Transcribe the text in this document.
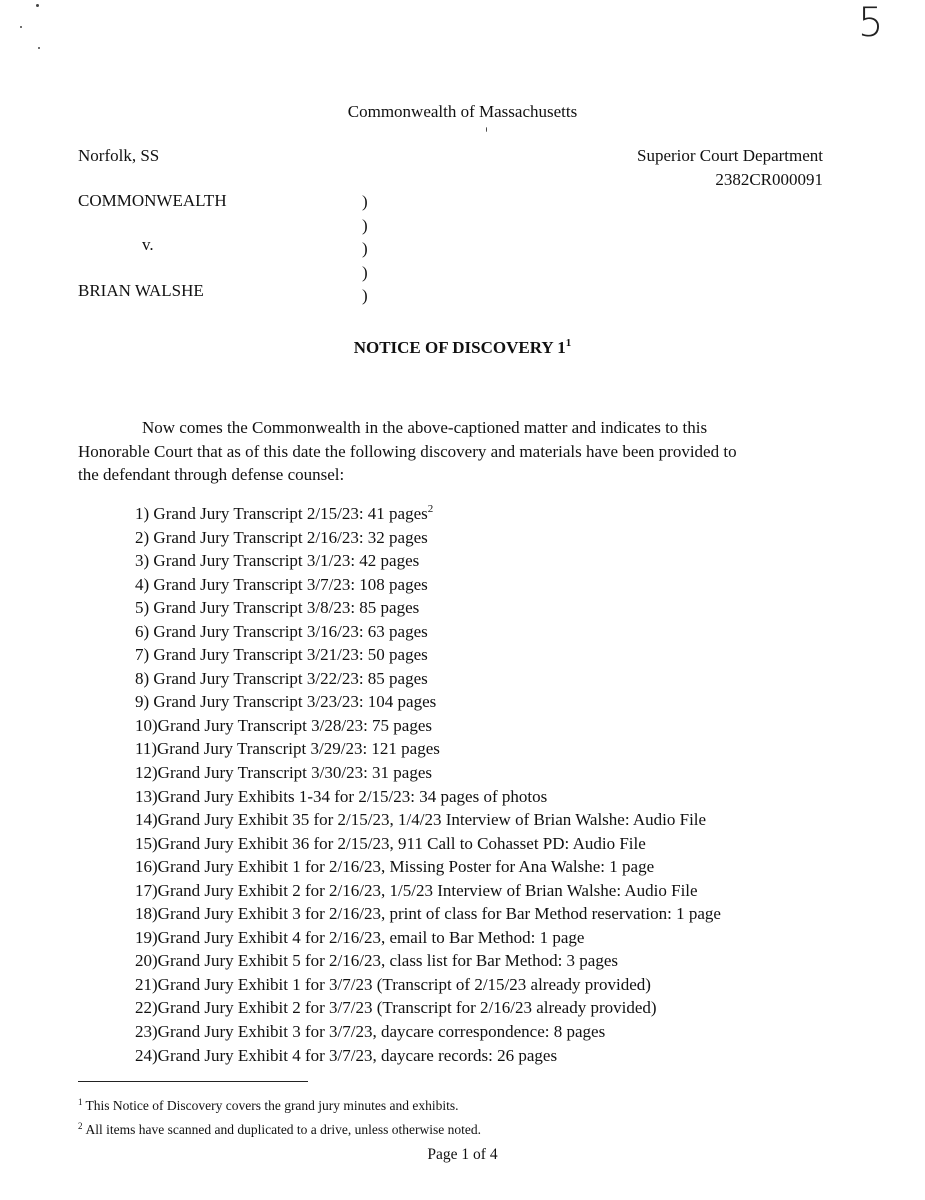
5
Commonwealth of Massachusetts
Norfolk, SS	Superior Court Department
2382CR000091
COMMONWEALTH
v.
BRIAN WALSHE
)
)
)
)
)
NOTICE OF DISCOVERY $1^1$
Now comes the Commonwealth in the above-captioned matter and indicates to this
Honorable Court that as of this date the following discovery and materials have been provided to
the defendant through defense counsel:
1) Grand Jury Transcript 2/15/23: 41 pages$^2$
2) Grand Jury Transcript 2/16/23: 32 pages
3) Grand Jury Transcript 3/1/23: 42 pages
4) Grand Jury Transcript 3/7/23: 108 pages
5) Grand Jury Transcript 3/8/23: 85 pages
6) Grand Jury Transcript 3/16/23: 63 pages
7) Grand Jury Transcript 3/21/23: 50 pages
8) Grand Jury Transcript 3/22/23: 85 pages
9) Grand Jury Transcript 3/23/23: 104 pages
10)Grand Jury Transcript 3/28/23: 75 pages
11)Grand Jury Transcript 3/29/23: 121 pages
12)Grand Jury Transcript 3/30/23: 31 pages
13)Grand Jury Exhibits 1-34 for 2/15/23: 34 pages of photos
14)Grand Jury Exhibit 35 for 2/15/23, 1/4/23 Interview of Brian Walshe: Audio File
15)Grand Jury Exhibit 36 for 2/15/23, 911 Call to Cohasset PD: Audio File
16)Grand Jury Exhibit 1 for 2/16/23, Missing Poster for Ana Walshe: 1 page
17)Grand Jury Exhibit 2 for 2/16/23, 1/5/23 Interview of Brian Walshe: Audio File
18)Grand Jury Exhibit 3 for 2/16/23, print of class for Bar Method reservation: 1 page
19)Grand Jury Exhibit 4 for 2/16/23, email to Bar Method: 1 page
20)Grand Jury Exhibit 5 for 2/16/23, class list for Bar Method: 3 pages
21)Grand Jury Exhibit 1 for 3/7/23 (Transcript of 2/15/23 already provided)
22)Grand Jury Exhibit 2 for 3/7/23 (Transcript for 2/16/23 already provided)
23)Grand Jury Exhibit 3 for 3/7/23, daycare correspondence: 8 pages
24)Grand Jury Exhibit 4 for 3/7/23, daycare records: 26 pages
$^1$ This Notice of Discovery covers the grand jury minutes and exhibits.
$^2$ All items have scanned and duplicated to a drive, unless otherwise noted.
Page 1 of 4
